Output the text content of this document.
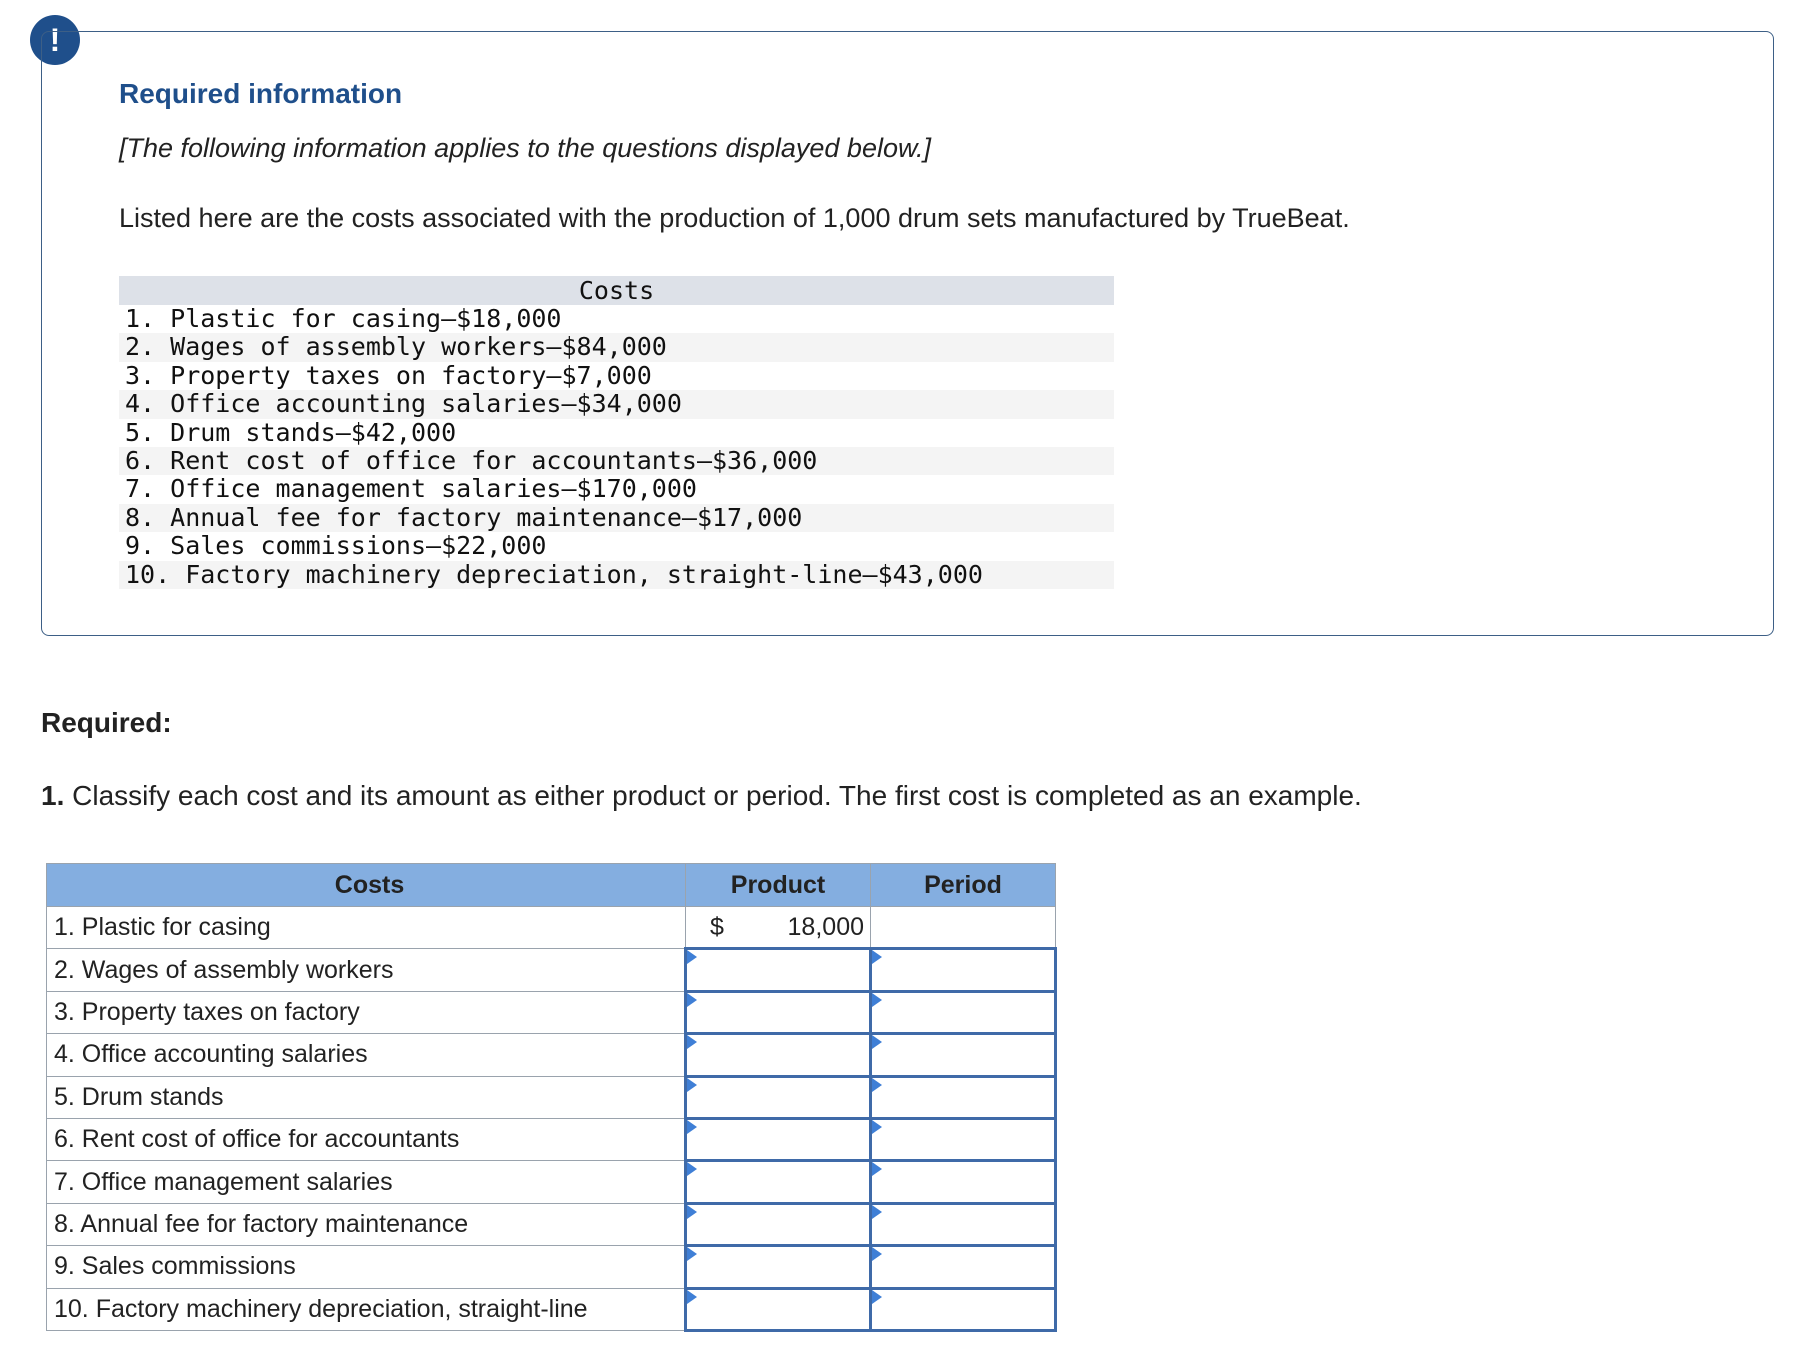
!
Required information
[The following information applies to the questions displayed below.]
Listed here are the costs associated with the production of 1,000 drum sets manufactured by TrueBeat.
Costs
1. Plastic for casing—$18,000
2. Wages of assembly workers—$84,000
3. Property taxes on factory—$7,000
4. Office accounting salaries—$34,000
5. Drum stands—$42,000
6. Rent cost of office for accountants—$36,000
7. Office management salaries—$170,000
8. Annual fee for factory maintenance—$17,000
9. Sales commissions—$22,000
10. Factory machinery depreciation, straight-line—$43,000
Required:
1. Classify each cost and its amount as either product or period. The first cost is completed as an example.
Costs	Product	Period
1. Plastic for casing	$ 18,000	

2. Wages of assembly workers	

3. Property taxes on factory	

4. Office accounting salaries	

5. Drum stands	

6. Rent cost of office for accountants	

7. Office management salaries	

8. Annual fee for factory maintenance	

9. Sales commissions	

10. Factory machinery depreciation, straight-line	
